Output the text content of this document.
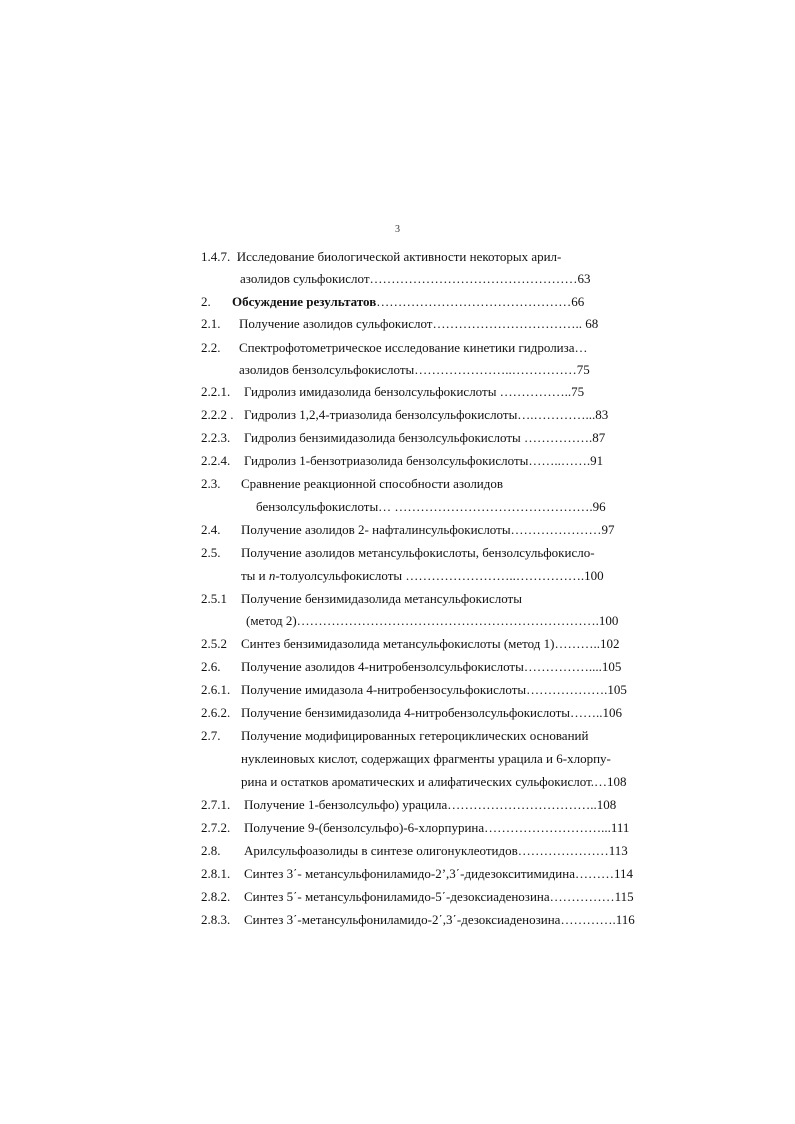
3
1.4.7. Исследование биологической активности некоторых арил-
азолидов сульфокислот…………………………………………63
2. Обсуждение результатов………………………………………66
2.1. Получение азолидов сульфокислот…………………………….. 68
2.2. Спектрофотометрическое исследование кинетики гидролиза…
азолидов бензолсульфокислоты…………………..……………75
2.2.1. Гидролиз имидазолида бензолсульфокислоты ……………..75
2.2.2 . Гидролиз 1,2,4-триазолида бензолсульфокислоты….…………...83
2.2.3. Гидролиз бензимидазолида бензолсульфокислоты …………….87
2.2.4. Гидролиз 1-бензотриазолида бензолсульфокислоты……..…….91
2.3. Сравнение реакционной способности азолидов
бензолсульфокислоты… ……………………………………….96
2.4. Получение азолидов 2- нафталинсульфокислоты…………………97
2.5. Получение азолидов метансульфокислоты, бензолсульфокисло-
ты и n-толуолсульфокислоты ……………………..…………….100
2.5.1 Получение бензимидазолида метансульфокислоты
(метод 2)…………………………………………………………….100
2.5.2 Синтез бензимидазолида метансульфокислоты (метод 1)………..102
2.6. Получение азолидов 4-нитробензолсульфокислоты……………....105
2.6.1. Получение имидазола 4-нитробензосульфокислоты……………….105
2.6.2. Получение бензимидазолида 4-нитробензолсульфокислоты……..106
2.7. Получение модифицированных гетероциклических оснований
нуклеиновых кислот, содержащих фрагменты урацила и 6-хлорпу-
рина и остатков ароматических и алифатических сульфокислот.…108
2.7.1. Получение 1-бензолсульфо) урацила……………………………..108
2.7.2. Получение 9-(бензолсульфо)-6-хлорпурина………………………...111
2.8. Арилсульфоазолиды в синтезе олигонуклеотидов…………………113
2.8.1. Синтез 3΄- метансульфониламидо-2’,3΄-дидезокситимидина………114
2.8.2. Синтез 5΄- метансульфониламидо-5΄-дезоксиаденозина……………115
2.8.3. Синтез 3΄-метансульфониламидо-2΄,3΄-дезоксиаденозина………….116
